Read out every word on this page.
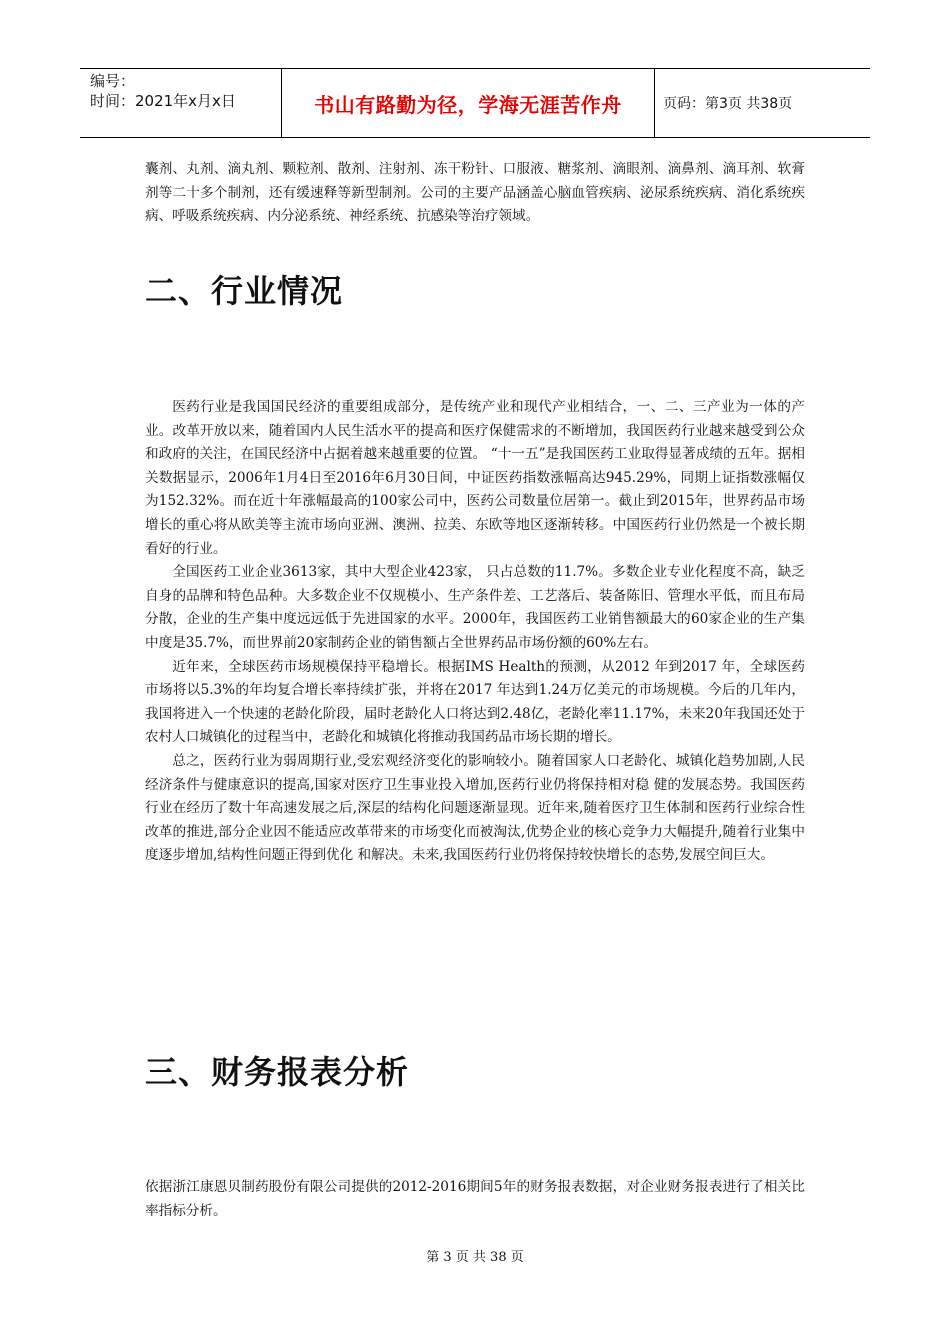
编号：
时间：2021年x月x日	书山有路勤为径，学海无涯苦作舟	页码：第3页 共38页

囊剂、丸剂、滴丸剂、颗粒剂、散剂、注射剂、冻干粉针、口服液、糖浆剂、滴眼剂、滴鼻剂、滴耳剂、软膏剂等二十多个制剂，还有缓速释等新型制剂。公司的主要产品涵盖心脑血管疾病、泌尿系统疾病、消化系统疾病、呼吸系统疾病、内分泌系统、神经系统、抗感染等治疗领域。

二、行业情况

医药行业是我国国民经济的重要组成部分，是传统产业和现代产业相结合，一、二、三产业为一体的产业。改革开放以来，随着国内人民生活水平的提高和医疗保健需求的不断增加，我国医药行业越来越受到公众和政府的关注，在国民经济中占据着越来越重要的位置。 “十一五”是我国医药工业取得显著成绩的五年。据相关数据显示，2006年1月4日至2016年6月30日间，中证医药指数涨幅高达945.29%，同期上证指数涨幅仅为152.32%。而在近十年涨幅最高的100家公司中，医药公司数量位居第一。截止到2015年，世界药品市场增长的重心将从欧美等主流市场向亚洲、澳洲、拉美、东欧等地区逐渐转移。中国医药行业仍然是一个被长期看好的行业。

全国医药工业企业3613家，其中大型企业423家， 只占总数的11.7%。多数企业专业化程度不高，缺乏自身的品牌和特色品种。大多数企业不仅规模小、生产条件差、工艺落后、装备陈旧、管理水平低，而且布局分散，企业的生产集中度远远低于先进国家的水平。2000年，我国医药工业销售额最大的60家企业的生产集中度是35.7%，而世界前20家制药企业的销售额占全世界药品市场份额的60%左右。

近年来，全球医药市场规模保持平稳增长。根据IMS Health的预测，从2012 年到2017 年，全球医药市场将以5.3%的年均复合增长率持续扩张，并将在2017 年达到1.24万亿美元的市场规模。今后的几年内，我国将进入一个快速的老龄化阶段，届时老龄化人口将达到2.48亿，老龄化率11.17%，未来20年我国还处于农村人口城镇化的过程当中，老龄化和城镇化将推动我国药品市场长期的增长。

总之，医药行业为弱周期行业,受宏观经济变化的影响较小。随着国家人口老龄化、城镇化趋势加剧,人民经济条件与健康意识的提高,国家对医疗卫生事业投入增加,医药行业仍将保持相对稳 健的发展态势。我国医药行业在经历了数十年高速发展之后,深层的结构化问题逐渐显现。近年来,随着医疗卫生体制和医药行业综合性改革的推进,部分企业因不能适应改革带来的市场变化而被淘汰,优势企业的核心竞争力大幅提升,随着行业集中度逐步增加,结构性问题正得到优化 和解决。未来,我国医药行业仍将保持较快增长的态势,发展空间巨大。

三、财务报表分析

依据浙江康恩贝制药股份有限公司提供的2012-2016期间5年的财务报表数据，对企业财务报表进行了相关比率指标分析。

第 3 页 共 38 页
